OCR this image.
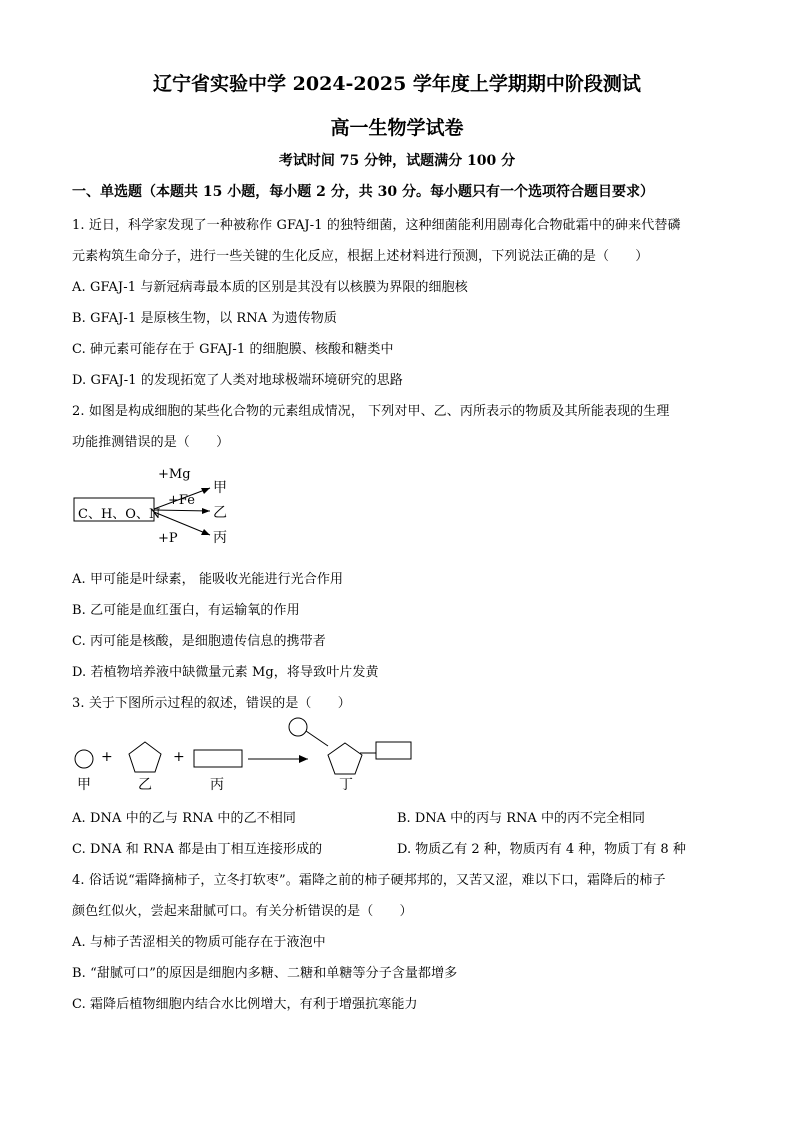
辽宁省实验中学 2024-2025 学年度上学期期中阶段测试
高一生物学试卷
考试时间 75 分钟，试题满分 100 分
一、单选题（本题共 15 小题，每小题 2 分，共 30 分。每小题只有一个选项符合题目要求）
1. 近日，科学家发现了一种被称作 GFAJ-1 的独特细菌，这种细菌能利用剧毒化合物砒霜中的砷来代替磷
元素构筑生命分子，进行一些关键的生化反应，根据上述材料进行预测，下列说法正确的是（　　）
A. GFAJ-1 与新冠病毒最本质的区别是其没有以核膜为界限的细胞核
B. GFAJ-1 是原核生物，以 RNA 为遗传物质
C. 砷元素可能存在于 GFAJ-1 的细胞膜、核酸和糖类中
D. GFAJ-1 的发现拓宽了人类对地球极端环境研究的思路
2. 如图是构成细胞的某些化合物的元素组成情况， 下列对甲、乙、丙所表示的物质及其所能表现的生理
功能推测错误的是（　　）
C、H、O、N
+Mg
+Fe
+P
甲
乙
丙
A. 甲可能是叶绿素， 能吸收光能进行光合作用
B. 乙可能是血红蛋白，有运输氧的作用
C. 丙可能是核酸，是细胞遗传信息的携带者
D. 若植物培养液中缺微量元素 Mg，将导致叶片发黄
3. 关于下图所示过程的叙述，错误的是（　　）
+	+
甲	乙	丙	丁
A. DNA 中的乙与 RNA 中的乙不相同	B. DNA 中的丙与 RNA 中的丙不完全相同
C. DNA 和 RNA 都是由丁相互连接形成的	D. 物质乙有 2 种，物质丙有 4 种，物质丁有 8 种
4. 俗话说“霜降摘柿子，立冬打软枣”。霜降之前的柿子硬邦邦的，又苦又涩，难以下口，霜降后的柿子
颜色红似火，尝起来甜腻可口。有关分析错误的是（　　）
A. 与柿子苦涩相关的物质可能存在于液泡中
B. “甜腻可口”的原因是细胞内多糖、二糖和单糖等分子含量都增多
C. 霜降后植物细胞内结合水比例增大，有利于增强抗寒能力
